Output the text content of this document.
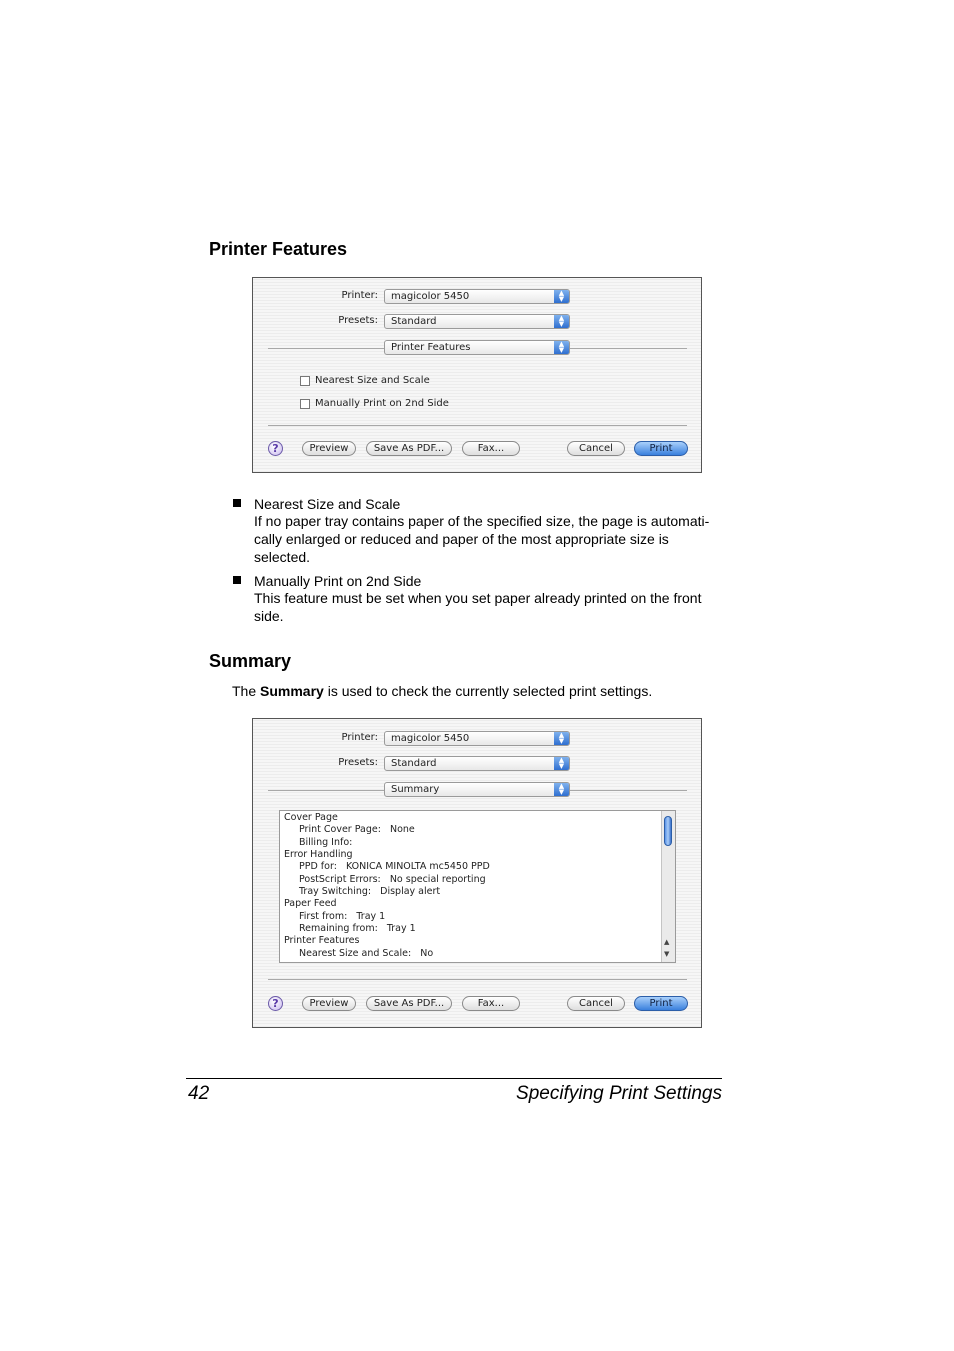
Printer Features
Printer: magicolor 5450	▲
▼
Presets: Standard	▲
▼
Printer Features	▲
▼
Nearest Size and Scale
Manually Print on 2nd Side
?	Preview	Save As PDF...	Fax...	Cancel	Print
Nearest Size and Scale
If no paper tray contains paper of the specified size, the page is automati-
cally enlarged or reduced and paper of the most appropriate size is
selected.
Manually Print on 2nd Side
This feature must be set when you set paper already printed on the front
side.
Summary
The Summary is used to check the currently selected print settings.
Printer: magicolor 5450	▲
▼
Presets: Standard	▲
▼
Summary	▲
▼
Cover Page
Print Cover Page:   None
Billing Info:
Error Handling
PPD for:   KONICA MINOLTA mc5450 PPD
PostScript Errors:   No special reporting
Tray Switching:   Display alert
Paper Feed
First from:   Tray 1
Remaining from:   Tray 1
Printer Features
Nearest Size and Scale:   No
▲
▼
?	Preview	Save As PDF...	Fax...	Cancel	Print
42	Specifying Print Settings
